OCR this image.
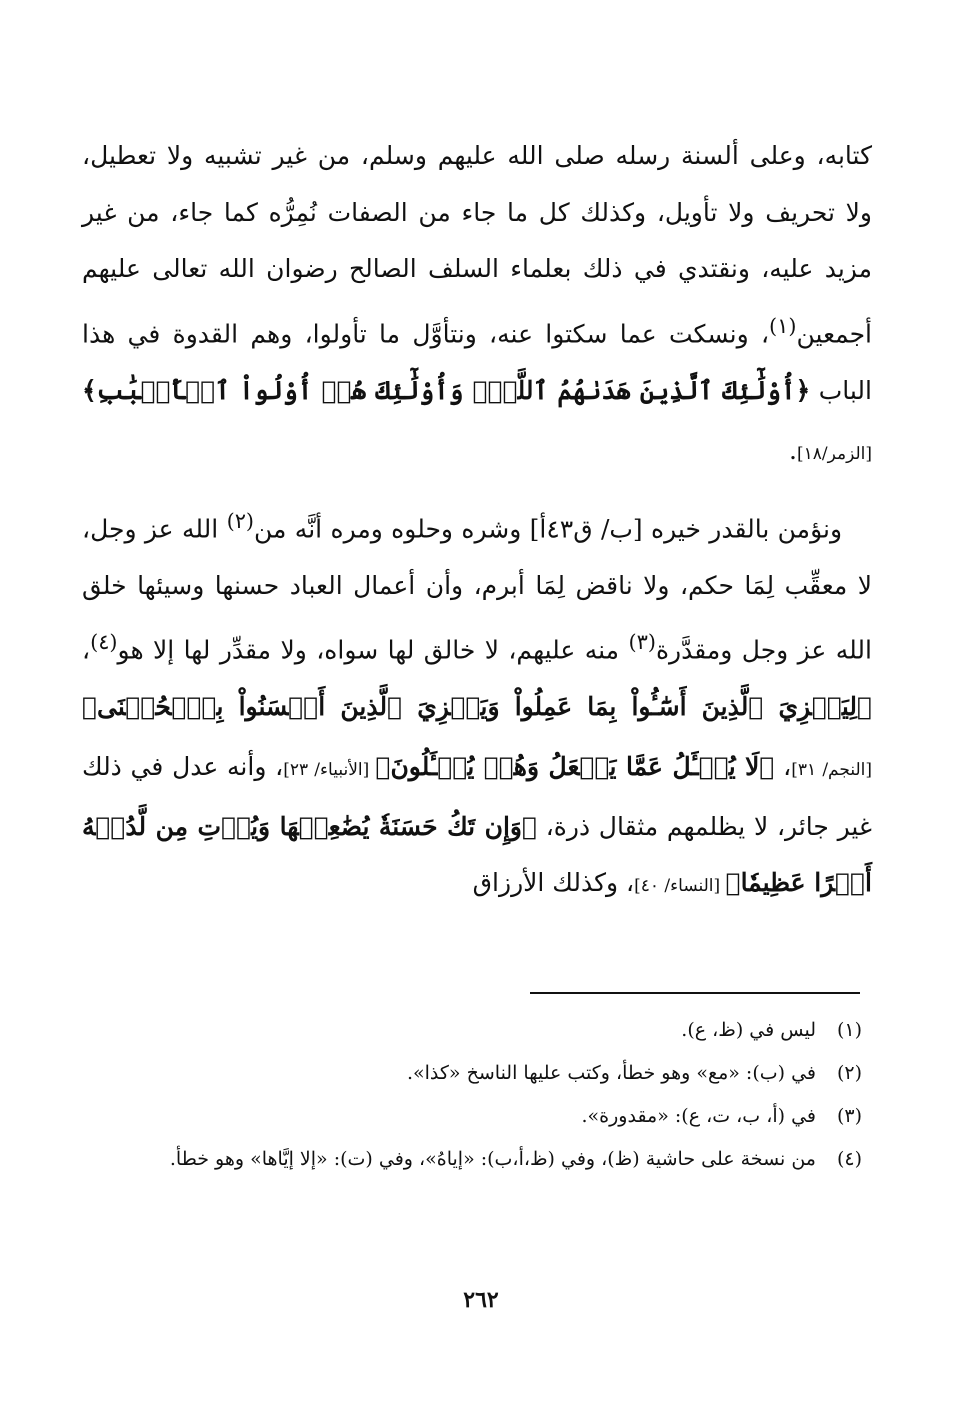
كتابه، وعلى ألسنة رسله صلى الله عليهم وسلم، من غير تشبيه ولا تعطيل، ولا تحريف ولا تأويل، وكذلك كل ما جاء من الصفات نُمِرُّه كما جاء، من غير مزيد عليه، ونقتدي في ذلك بعلماء السلف الصالح رضوان الله تعالى عليهم أجمعين$^{(١)}$، ونسكت عما سكتوا عنه، ونتأوَّل ما تأولوا، وهم القدوة في هذا الباب ﴿أُوْلَٰٓئِكَ ٱلَّذِينَ هَدَىٰهُمُ ٱللَّهُۖ وَأُوْلَٰٓئِكَ هُمۡ أُوْلُواْ ٱلۡأَلۡبَٰبِ﴾ [الزمر/١٨].

ونؤمن بالقدر خيره [ب/ ق٤٣أ] وشره وحلوه ومره أنَّه من$^{(٢)}$ الله عز وجل، لا معقِّب لِمَا حكم، ولا ناقض لِمَا أبرم، وأن أعمال العباد حسنها وسيئها خلق الله عز وجل ومقدَّرة$^{(٣)}$ منه عليهم، لا خالق لها سواه، ولا مقدِّر لها إلا هو$^{(٤)}$، ﴿لِيَجۡزِيَ ٱلَّذِينَ أَسَٰٓـُٔواْ بِمَا عَمِلُواْ وَيَجۡزِيَ ٱلَّذِينَ أَحۡسَنُواْ بِٱلۡحُسۡنَى﴾ [النجم/ ٣١]، ﴿لَا يُسۡـَٔلُ عَمَّا يَفۡعَلُ وَهُمۡ يُسۡـَٔلُونَ﴾ [الأنبياء/ ٢٣]، وأنه عدل في ذلك غير جائر، لا يظلمهم مثقال ذرة، ﴿وَإِن تَكُ حَسَنَةٗ يُضَٰعِفۡهَا وَيُؤۡتِ مِن لَّدُنۡهُ أَجۡرًا عَظِيمٗا﴾ [النساء/ ٤٠]، وكذلك الأرزاق

(١)
ليس في (ظ، ع).
(٢)
في (ب): «مع» وهو خطأ، وكتب عليها الناسخ «كذا».
(٣)
في (أ، ب، ت، ع): «مقدورة».
(٤)
من نسخة على حاشية (ظ)، وفي (ظ،أ،ب): «إياهُ»، وفي (ت): «إلا إيَّاها» وهو خطأ.
٢٦٢
